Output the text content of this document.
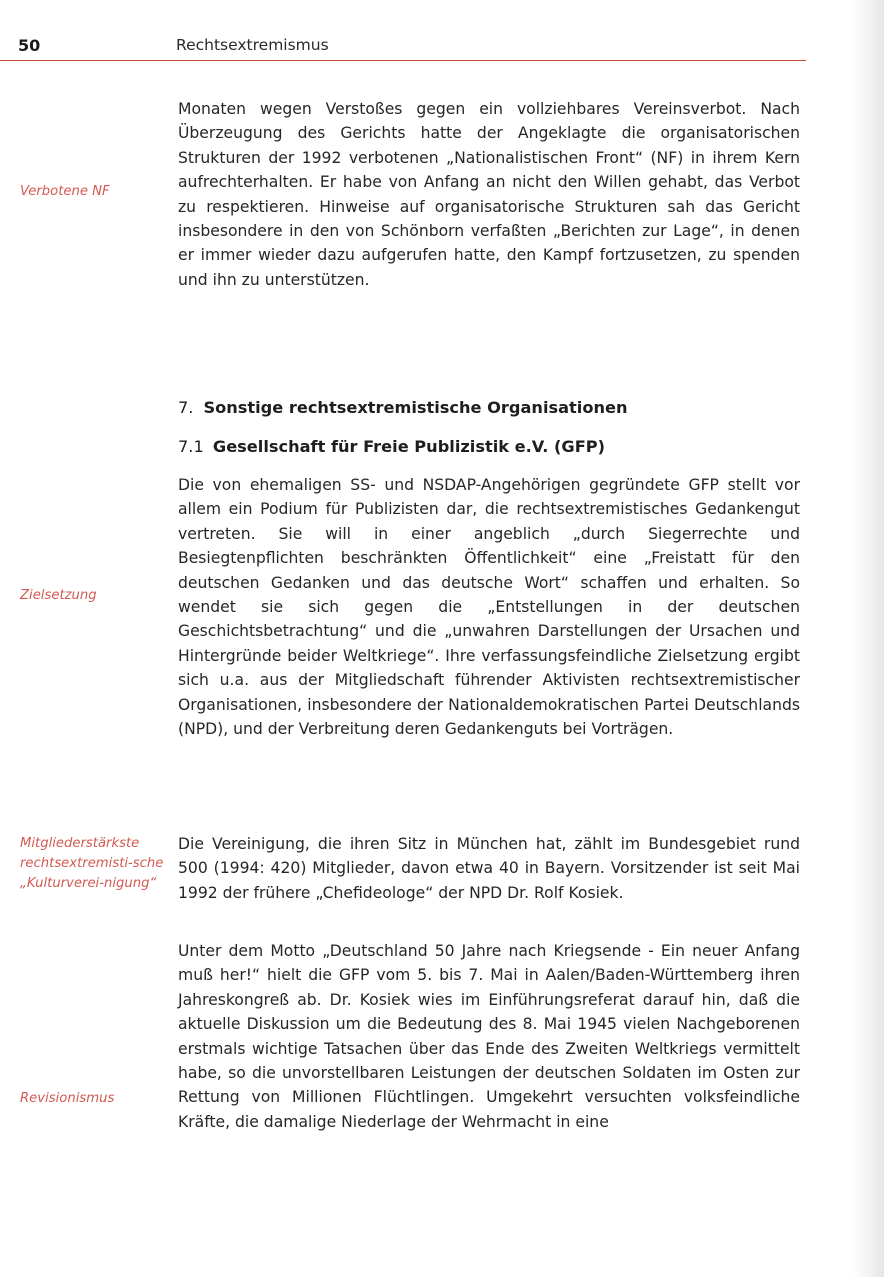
50	Rechtsextremismus
Verbotene NF

Monaten wegen Verstoßes gegen ein vollziehbares Vereinsverbot. Nach Überzeugung des Gerichts hatte der Angeklagte die organisatorischen Strukturen der 1992 verbotenen „Nationalistischen Front“ (NF) in ihrem Kern aufrechterhalten. Er habe von Anfang an nicht den Willen gehabt, das Verbot zu respektieren. Hinweise auf organisatorische Strukturen sah das Gericht insbesondere in den von Schönborn verfaßten „Berichten zur Lage“, in denen er immer wieder dazu aufgerufen hatte, den Kampf fortzusetzen, zu spenden und ihn zu unterstützen.

7. Sonstige rechtsextremistische Organisationen
7.1 Gesellschaft für Freie Publizistik e.V. (GFP)
Zielsetzung

Die von ehemaligen SS- und NSDAP-Angehörigen gegründete GFP stellt vor allem ein Podium für Publizisten dar, die rechtsextremistisches Gedankengut vertreten. Sie will in einer angeblich „durch Siegerrechte und Besiegtenpflichten beschränkten Öffentlichkeit“ eine „Freistatt für den deutschen Gedanken und das deutsche Wort“ schaffen und erhalten. So wendet sie sich gegen die „Entstellungen in der deutschen Geschichtsbetrachtung“ und die „unwahren Darstellungen der Ursachen und Hintergründe beider Weltkriege“. Ihre verfassungsfeindliche Zielsetzung ergibt sich u.a. aus der Mitgliedschaft führender Aktivisten rechtsextremistischer Organisationen, insbesondere der Nationaldemokratischen Partei Deutschlands (NPD), und der Verbreitung deren Gedankenguts bei Vorträgen.

Mitgliederstärkste rechtsextremisti-sche „Kulturverei-nigung“

Die Vereinigung, die ihren Sitz in München hat, zählt im Bundesgebiet rund 500 (1994: 420) Mitglieder, davon etwa 40 in Bayern. Vorsitzender ist seit Mai 1992 der frühere „Chefideologe“ der NPD Dr. Rolf Kosiek.

Revisionismus

Unter dem Motto „Deutschland 50 Jahre nach Kriegsende - Ein neuer Anfang muß her!“ hielt die GFP vom 5. bis 7. Mai in Aalen/Baden-Württemberg ihren Jahreskongreß ab. Dr. Kosiek wies im Einführungsreferat darauf hin, daß die aktuelle Diskussion um die Bedeutung des 8. Mai 1945 vielen Nachgeborenen erstmals wichtige Tatsachen über das Ende des Zweiten Weltkriegs vermittelt habe, so die unvorstellbaren Leistungen der deutschen Soldaten im Osten zur Rettung von Millionen Flüchtlingen. Umgekehrt versuchten volksfeindliche Kräfte, die damalige Niederlage der Wehrmacht in eine
